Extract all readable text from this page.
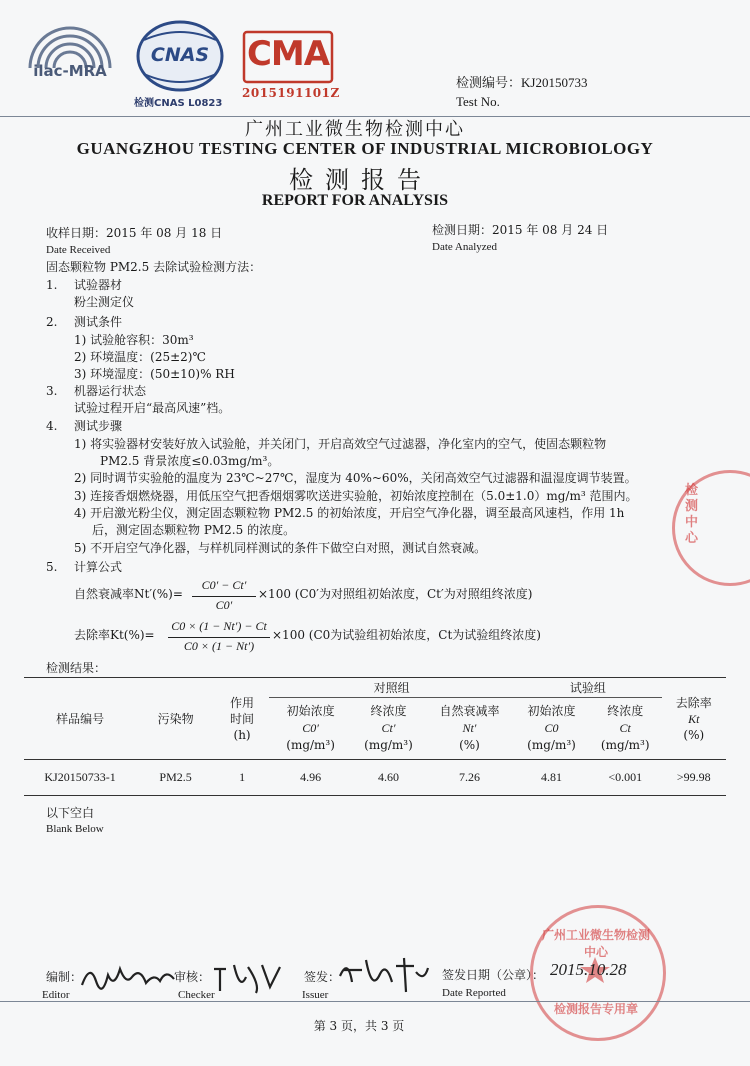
ilac-MRA
CNAS
检测CNAS L0823
CMA
2015191101Z
检测编号：KJ20150733
Test No.
广州工业微生物检测中心
GUANGZHOU TESTING CENTER OF INDUSTRIAL MICROBIOLOGY
检测报告
REPORT FOR ANALYSIS
收样日期：2015 年 08 月 18 日
Date Received
检测日期：2015 年 08 月 24 日
Date Analyzed
固态颗粒物 PM2.5 去除试验检测方法：
1. 试验器材
粉尘测定仪
2. 测试条件
1) 试验舱容积：30m³
2) 环境温度：(25±2)℃
3) 环境湿度：(50±10)% RH
3. 机器运行状态
试验过程开启“最高风速”档。
4. 测试步骤
1) 将实验器材安装好放入试验舱，并关闭门，开启高效空气过滤器，净化室内的空气，使固态颗粒物
PM2.5 背景浓度≤0.03mg/m³。
2) 同时调节实验舱的温度为 23℃~27℃，湿度为 40%~60%，关闭高效空气过滤器和温湿度调节装置。
3) 连接香烟燃烧器，用低压空气把香烟烟雾吹送进实验舱，初始浓度控制在（5.0±1.0）mg/m³ 范围内。
4) 开启激光粉尘仪，测定固态颗粒物 PM2.5 的初始浓度，开启空气净化器，调至最高风速档，作用 1h
后，测定固态颗粒物 PM2.5 的浓度。
5) 不开启空气净化器，与样机同样测试的条件下做空白对照，测试自然衰减。
5. 计算公式
自然衰减率Nt′(%)=
C0′ − Ct′
C0′
×100 (C0′为对照组初始浓度，Ct′为对照组终浓度)
去除率Kt(%)=
C0 × (1 − Nt′) − Ct
C0 × (1 − Nt′)
×100 (C0为试验组初始浓度，Ct为试验组终浓度)
检测结果：
样品编号	污染物	作用
时间
(h)	对照组			试验组		去除率
Kt
(%)
			初始浓度
C0′
(mg/m³)	终浓度
Ct′
(mg/m³)	自然衰减率
Nt′
(%)	初始浓度
C0
(mg/m³)	终浓度
Ct
(mg/m³)	
KJ20150733-1	PM2.5	1	4.96	4.60	7.26	4.81	<0.001	>99.98
以下空白
Blank Below
广州工业微生物检测中心
检测报告专用章
检测中心
编制：
Editor
审核：
Checker
签发：
Issuer
签发日期（公章）：
Date Reported
2015.10.28
第 3 页，共 3 页
